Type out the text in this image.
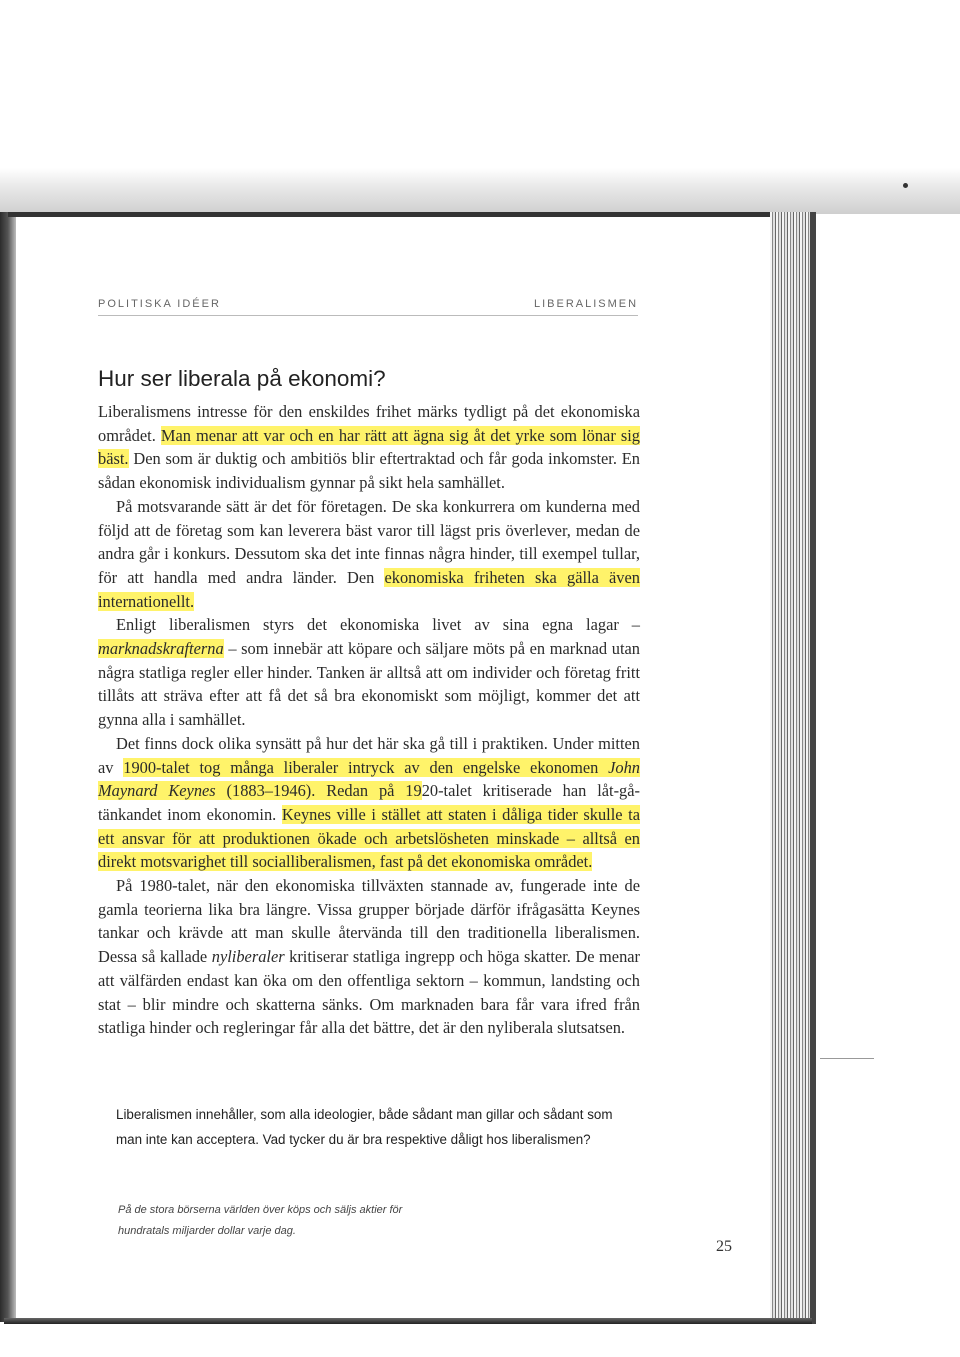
POLITISKA IDÉER	LIBERALISMEN
Hur ser liberala på ekonomi?

Liberalismens intresse för den enskildes frihet märks tydligt på det ekonomiska området. Man menar att var och en har rätt att ägna sig åt det yrke som lönar sig bäst. Den som är duktig och ambitiös blir eftertraktad och får goda inkomster. En sådan ekonomisk individualism gynnar på sikt hela samhället.

På motsvarande sätt är det för företagen. De ska konkurrera om kunderna med följd att de företag som kan leverera bäst varor till lägst pris överlever, medan de andra går i konkurs. Dessutom ska det inte finnas några hinder, till exempel tullar, för att handla med andra länder. Den ekonomiska friheten ska gälla även internationellt.

Enligt liberalismen styrs det ekonomiska livet av sina egna lagar – marknadskrafterna – som innebär att köpare och säljare möts på en marknad utan några statliga regler eller hinder. Tanken är alltså att om individer och företag fritt tillåts att sträva efter att få det så bra ekonomiskt som möjligt, kommer det att gynna alla i samhället.

Det finns dock olika synsätt på hur det här ska gå till i praktiken. Under mitten av 1900-talet tog många liberaler intryck av den engelske ekonomen John Maynard Keynes (1883–1946). Redan på 1920-talet kritiserade han låt-gå-tänkandet inom ekonomin. Keynes ville i stället att staten i dåliga tider skulle ta ett ansvar för att produktionen ökade och arbetslösheten minskade – alltså en direkt motsvarighet till socialliberalismen, fast på det ekonomiska området.

På 1980-talet, när den ekonomiska tillväxten stannade av, fungerade inte de gamla teorierna lika bra längre. Vissa grupper började därför ifrågasätta Keynes tankar och krävde att man skulle återvända till den traditionella liberalismen. Dessa så kallade nyliberaler kritiserar statliga ingrepp och höga skatter. De menar att välfärden endast kan öka om den offentliga sektorn – kommun, landsting och stat – blir mindre och skatterna sänks. Om marknaden bara får vara ifred från statliga hinder och regleringar får alla det bättre, det är den nyliberala slutsatsen.

Liberalismen innehåller, som alla ideologier, både sådant man gillar och sådant som man inte kan acceptera. Vad tycker du är bra respektive dåligt hos liberalismen?
På de stora börserna världen över köps och säljs aktier för hundratals miljarder dollar varje dag.
25
